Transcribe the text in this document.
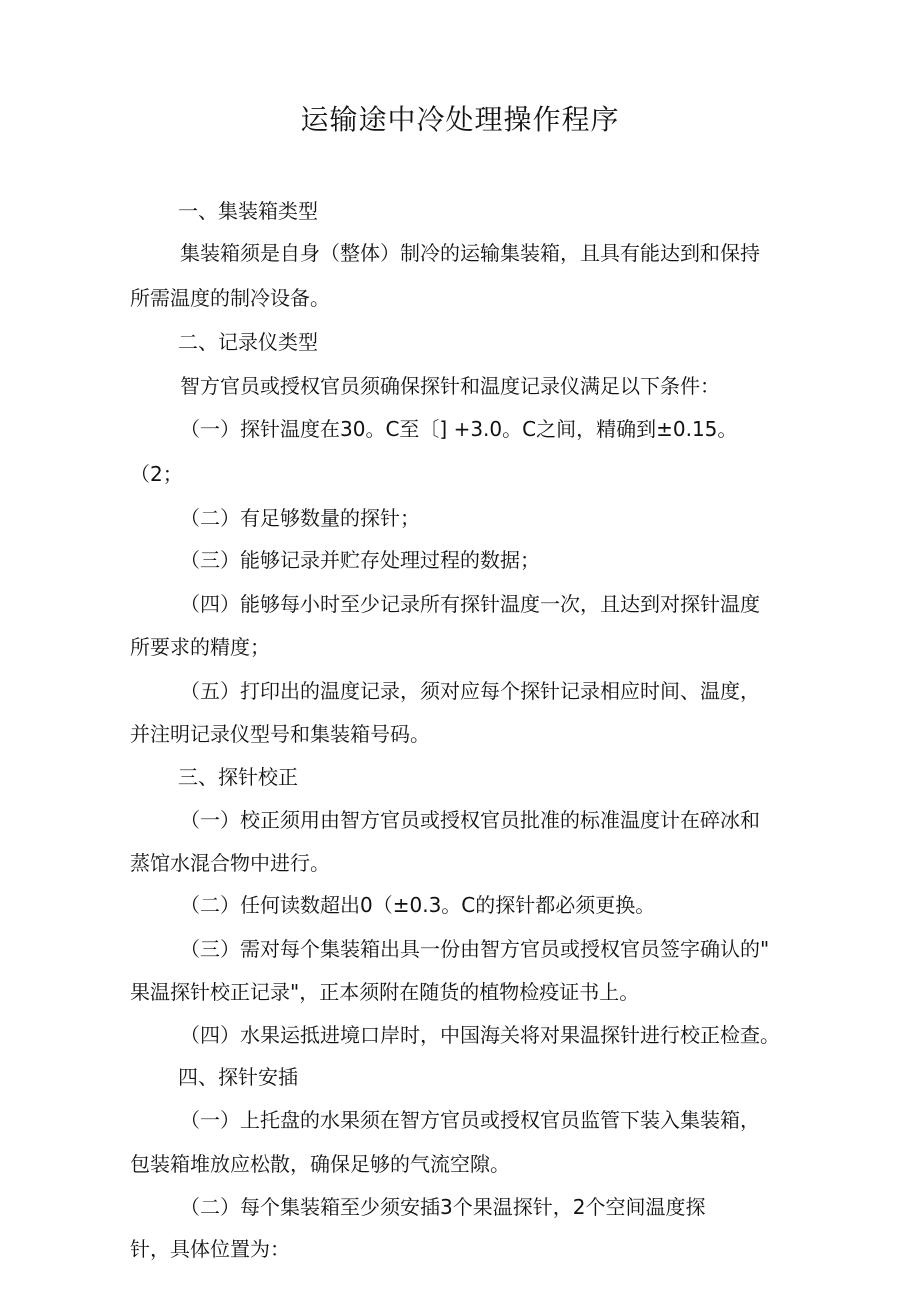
运输途中冷处理操作程序
一、集装箱类型
集装箱须是自身（整体）制冷的运输集装箱，且具有能达到和保持
所需温度的制冷设备。
二、记录仪类型
智方官员或授权官员须确保探针和温度记录仪满足以下条件：
（一）探针温度在30。C至〔] +3.0。C之间，精确到±0.15。
（2；
（二）有足够数量的探针；
（三）能够记录并贮存处理过程的数据；
（四）能够每小时至少记录所有探针温度一次，且达到对探针温度
所要求的精度；
（五）打印出的温度记录，须对应每个探针记录相应时间、温度，
并注明记录仪型号和集装箱号码。
三、探针校正
（一）校正须用由智方官员或授权官员批准的标准温度计在碎冰和
蒸馆水混合物中进行。
（二）任何读数超出0（±0.3。C的探针都必须更换。
（三）需对每个集装箱出具一份由智方官员或授权官员签字确认的"
果温探针校正记录"，正本须附在随货的植物检疫证书上。
（四）水果运抵进境口岸时，中国海关将对果温探针进行校正检查。
四、探针安插
（一）上托盘的水果须在智方官员或授权官员监管下装入集装箱，
包装箱堆放应松散，确保足够的气流空隙。
（二）每个集装箱至少须安插3个果温探针，2个空间温度探
针，具体位置为：
